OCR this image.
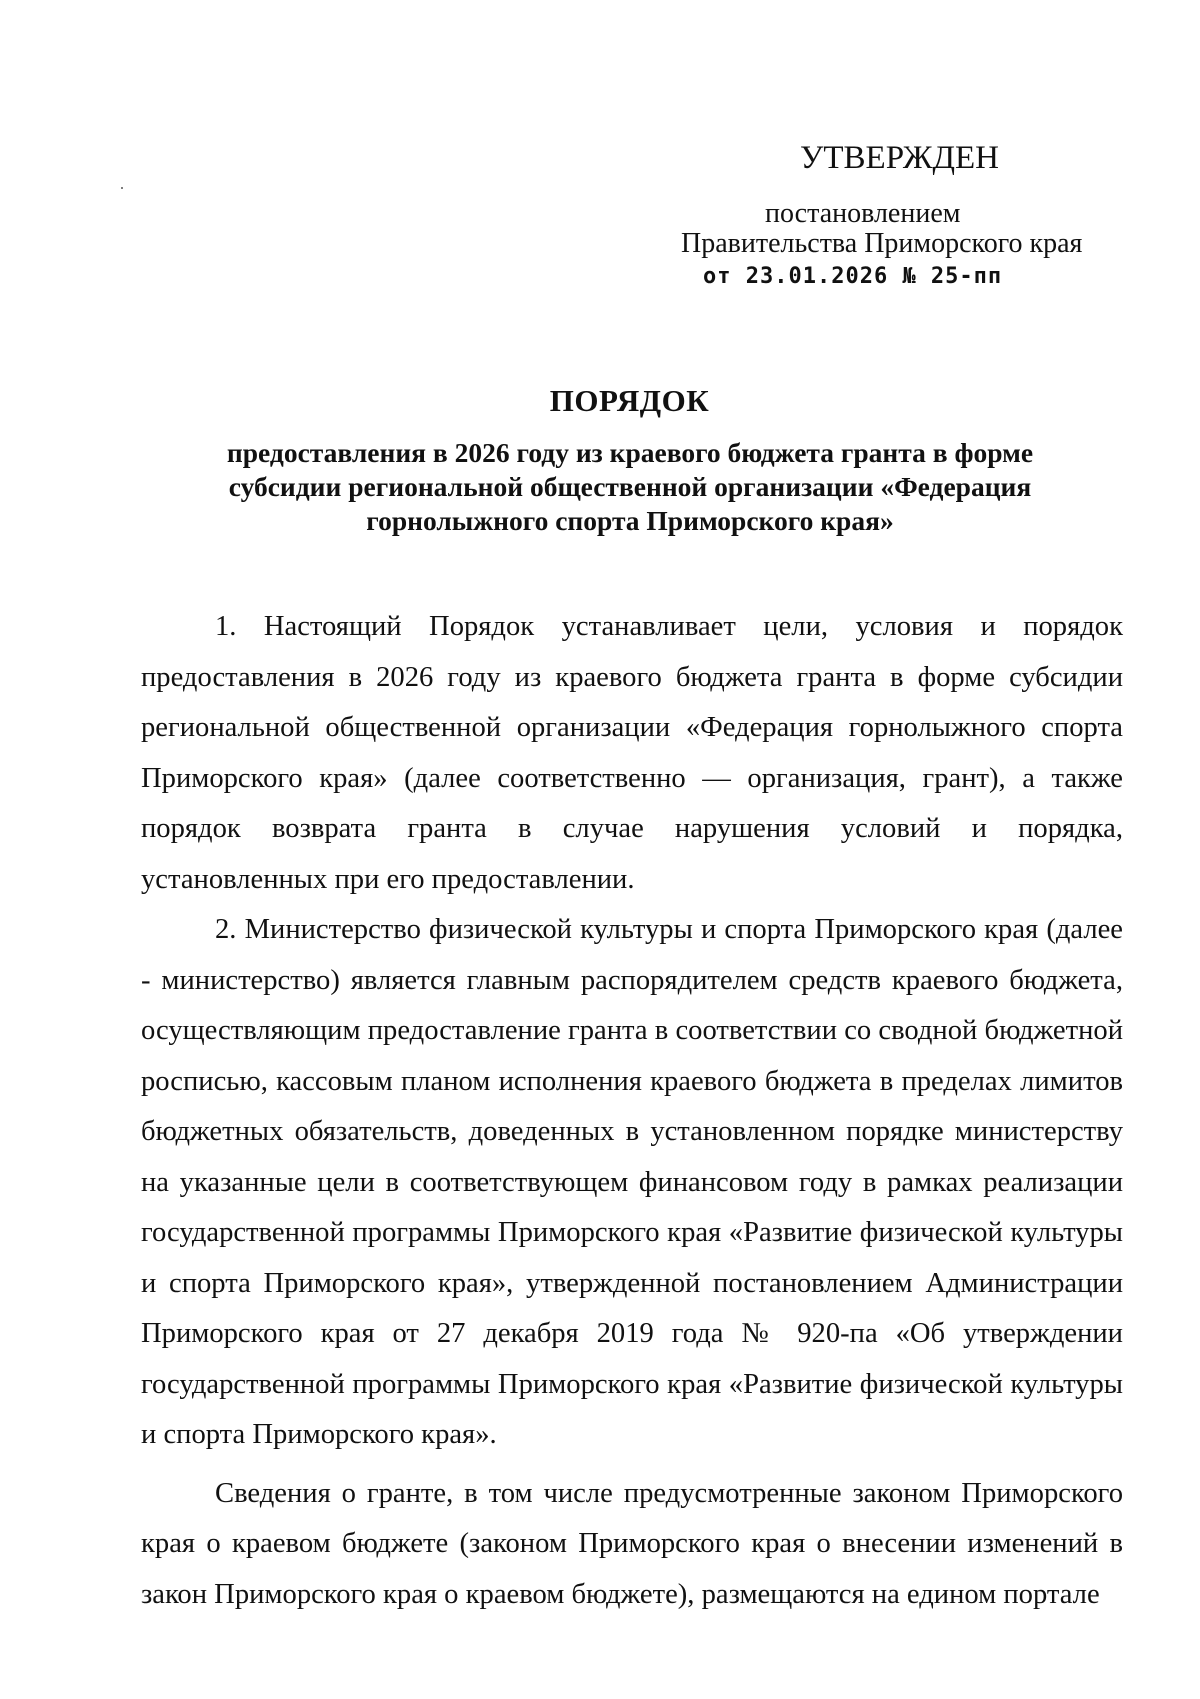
УТВЕРЖДЕН
постановлением
Правительства Приморского края
от 23.01.2026 № 25-пп
ПОРЯДОК
предоставления в 2026 году из краевого бюджета гранта в форме субсидии региональной общественной организации «Федерация горнолыжного спорта Приморского края»

1. Настоящий Порядок устанавливает цели, условия и порядок предоставления в 2026 году из краевого бюджета гранта в форме субсидии региональной общественной организации «Федерация горнолыжного спорта Приморского края» (далее соответственно — организация, грант), а также порядок возврата гранта в случае нарушения условий и порядка, установленных при его предоставлении.

2. Министерство физической культуры и спорта Приморского края (далее - министерство) является главным распорядителем средств краевого бюджета, осуществляющим предоставление гранта в соответствии со сводной бюджетной росписью, кассовым планом исполнения краевого бюджета в пределах лимитов бюджетных обязательств, доведенных в установленном порядке министерству на указанные цели в соответствующем финансовом году в рамках реализации государственной программы Приморского края «Развитие физической культуры и спорта Приморского края», утвержденной постановлением Администрации Приморского края от 27 декабря 2019 года № 920-па «Об утверждении государственной программы Приморского края «Развитие физической культуры и спорта Приморского края».

Сведения о гранте, в том числе предусмотренные законом Приморского края о краевом бюджете (законом Приморского края о внесении изменений в закон Приморского края о краевом бюджете), размещаются на едином портале
